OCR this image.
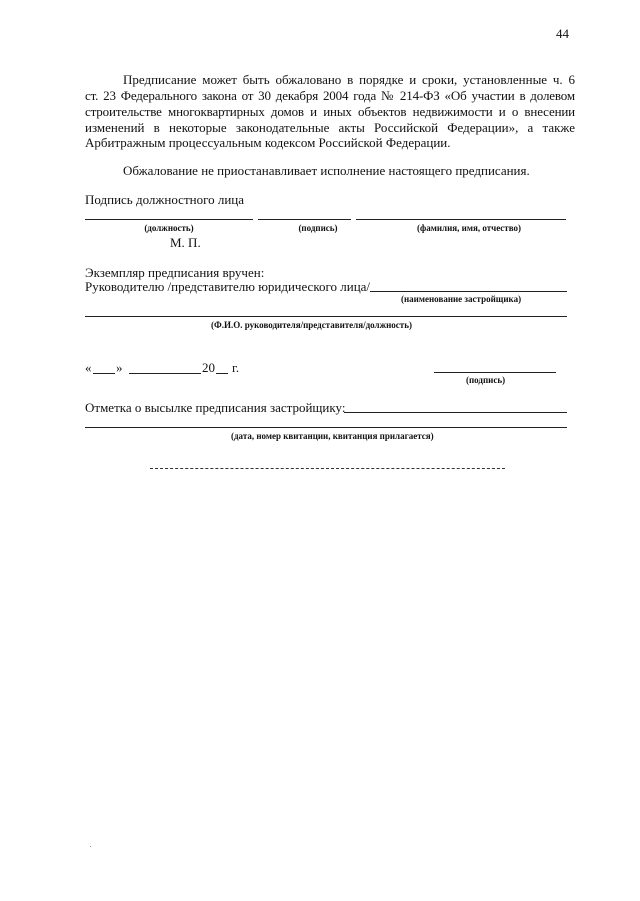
44
Предписание может быть обжаловано в порядке и сроки, установленные ч. 6
ст. 23 Федерального закона от 30 декабря 2004 года № 214-ФЗ «Об участии в долевом
строительстве многоквартирных домов и иных объектов недвижимости и о внесении
изменений в некоторые законодательные акты Российской Федерации», а также
Арбитражным процессуальным кодексом Российской Федерации.
Обжалование не приостанавливает исполнение настоящего предписания.
Подпись должностного лица
(должность)	(подпись)	(фамилия, имя, отчество)
М. П.
Экземпляр предписания вручен:
Руководителю /представителю юридического лица/
(наименование застройщика)
(Ф.И.О. руководителя/представителя/должность)
« »	20 г.
(подпись)
Отметка о высылке предписания застройщику:
(дата, номер квитанции, квитанция прилагается)
